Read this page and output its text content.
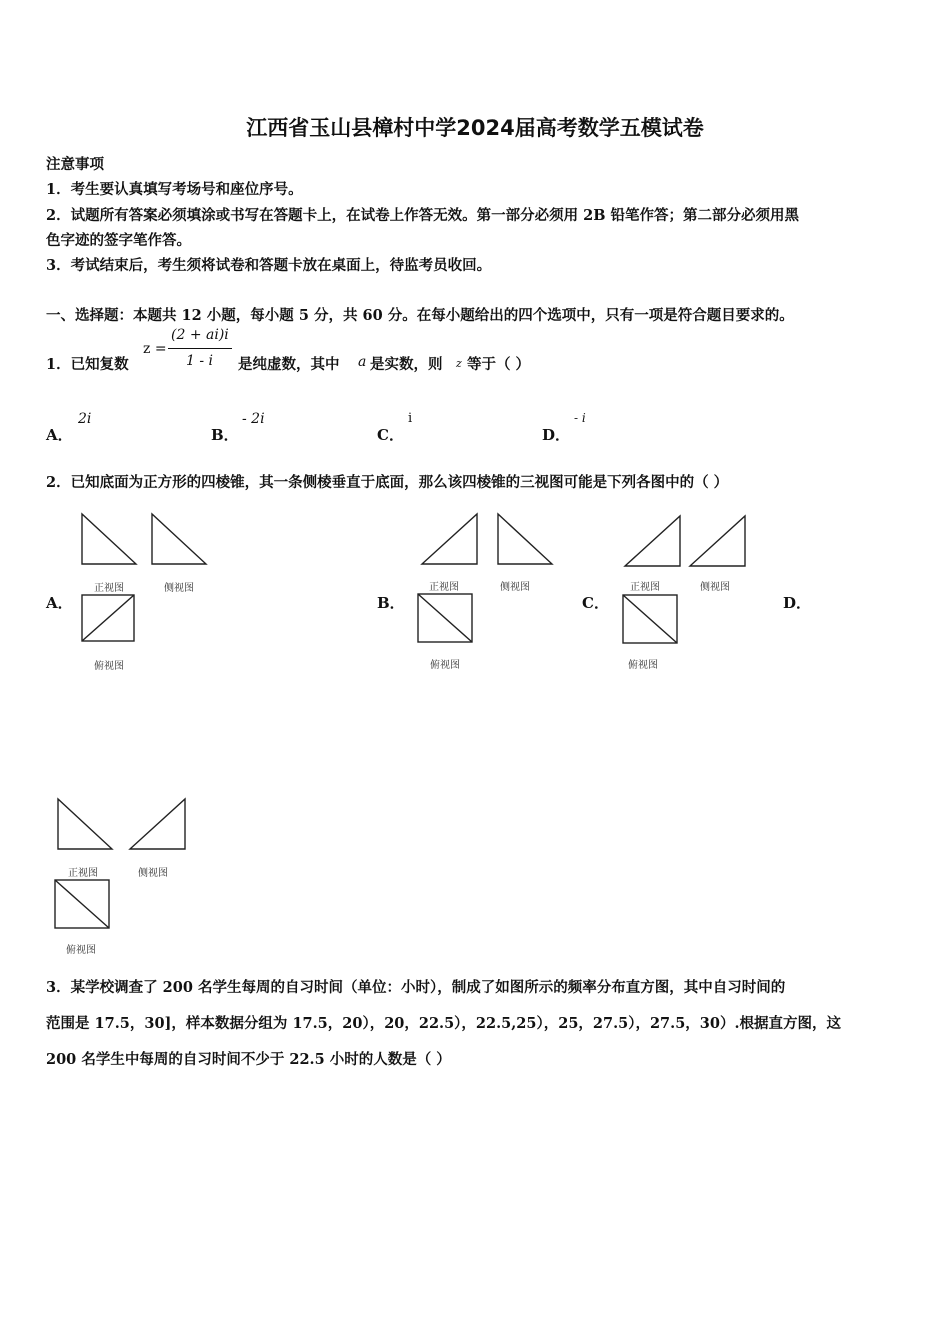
江西省玉山县樟村中学2024届高考数学五模试卷
注意事项
1．考生要认真填写考场号和座位序号。
2．试题所有答案必须填涂或书写在答题卡上，在试卷上作答无效。第一部分必须用 2B 铅笔作答；第二部分必须用黑
色字迹的签字笔作答。
3．考试结束后，考生须将试卷和答题卡放在桌面上，待监考员收回。
一、选择题：本题共 12 小题，每小题 5 分，共 60 分。在每小题给出的四个选项中，只有一项是符合题目要求的。
1．已知复数
z =
(2 + ai)i
1 - i 是纯虚数，其中 a 是实数，则 z 等于（ ）
A．
2i
B．
- 2i
C．
i
D．
- i
2．已知底面为正方形的四棱锥，其一条侧棱垂直于底面，那么该四棱锥的三视图可能是下列各图中的（ ）
A．
正视图	侧视图
俯视图
B．
正视图	侧视图
俯视图
C．
正视图	侧视图
俯视图
D．
正视图	侧视图
俯视图
3．某学校调查了 200 名学生每周的自习时间（单位：小时），制成了如图所示的频率分布直方图，其中自习时间的
范围是 17.5，30]，样本数据分组为 17.5，20），20，22.5），22.5,25），25，27.5），27.5，30）.根据直方图，这
200 名学生中每周的自习时间不少于 22.5 小时的人数是（ ）
